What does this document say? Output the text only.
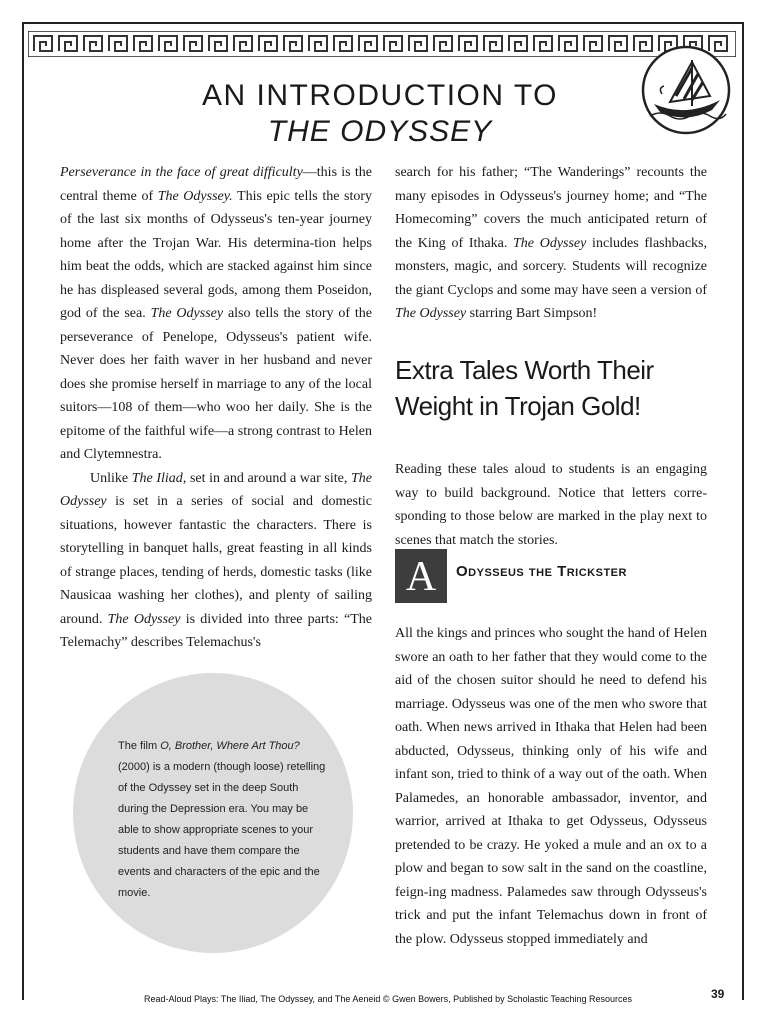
AN INTRODUCTION TO
THE ODYSSEY

Perseverance in the face of great difficulty—this is the central theme of The Odyssey. This epic tells the story of the last six months of Odysseus's ten-year journey home after the Trojan War. His determina-tion helps him beat the odds, which are stacked against him since he has displeased several gods, among them Poseidon, god of the sea. The Odyssey also tells the story of the perseverance of Penelope, Odysseus's patient wife. Never does her faith waver in her husband and never does she promise herself in marriage to any of the local suitors—108 of them—who woo her daily. She is the epitome of the faithful wife—a strong contrast to Helen and Clytemnestra.

Unlike The Iliad, set in and around a war site, The Odyssey is set in a series of social and domestic situations, however fantastic the characters. There is storytelling in banquet halls, great feasting in all kinds of strange places, tending of herds, domestic tasks (like Nausicaa washing her clothes), and plenty of sailing around. The Odyssey is divided into three parts: “The Telemachy” describes Telemachus's

search for his father; “The Wanderings” recounts the many episodes in Odysseus's journey home; and “The Homecoming” covers the much anticipated return of the King of Ithaka. The Odyssey includes flashbacks, monsters, magic, and sorcery. Students will recognize the giant Cyclops and some may have seen a version of The Odyssey starring Bart Simpson!

Extra Tales Worth Their Weight in Trojan Gold!

Reading these tales aloud to students is an engaging way to build background. Notice that letters corre-sponding to those below are marked in the play next to scenes that match the stories.

A	Odysseus the Trickster

All the kings and princes who sought the hand of Helen swore an oath to her father that they would come to the aid of the chosen suitor should he need to defend his marriage. Odysseus was one of the men who swore that oath. When news arrived in Ithaka that Helen had been abducted, Odysseus, thinking only of his wife and infant son, tried to think of a way out of the oath. When Palamedes, an honorable ambassador, inventor, and warrior, arrived at Ithaka to get Odysseus, Odysseus pretended to be crazy. He yoked a mule and an ox to a plow and began to sow salt in the sand on the coastline, feign-ing madness. Palamedes saw through Odysseus's trick and put the infant Telemachus down in front of the plow. Odysseus stopped immediately and

The film O, Brother, Where Art Thou? (2000) is a modern (though loose) retelling of the Odyssey set in the deep South during the Depression era. You may be able to show appropriate scenes to your students and have them compare the events and characters of the epic and the movie.
Read-Aloud Plays: The Iliad, The Odyssey, and The Aeneid © Gwen Bowers, Published by Scholastic Teaching Resources	39
